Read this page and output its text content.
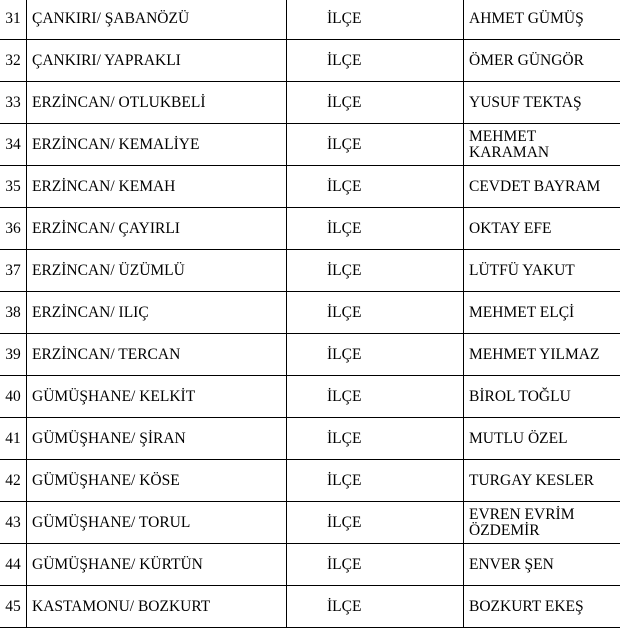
31	ÇANKIRI/ ŞABANÖZÜ	İLÇE	AHMET GÜMÜŞ

32	ÇANKIRI/ YAPRAKLI	İLÇE	ÖMER GÜNGÖR

33	ERZİNCAN/ OTLUKBELİ	İLÇE	YUSUF TEKTAŞ

34	ERZİNCAN/ KEMALİYE	İLÇE	MEHMET KARAMAN

35	ERZİNCAN/ KEMAH	İLÇE	CEVDET BAYRAM

36	ERZİNCAN/ ÇAYIRLI	İLÇE	OKTAY EFE

37	ERZİNCAN/ ÜZÜMLÜ	İLÇE	LÜTFÜ YAKUT

38	ERZİNCAN/ ILIÇ	İLÇE	MEHMET ELÇİ

39	ERZİNCAN/ TERCAN	İLÇE	MEHMET YILMAZ

40	GÜMÜŞHANE/ KELKİT	İLÇE	BİROL TOĞLU

41	GÜMÜŞHANE/ ŞİRAN	İLÇE	MUTLU ÖZEL

42	GÜMÜŞHANE/ KÖSE	İLÇE	TURGAY KESLER

43	GÜMÜŞHANE/ TORUL	İLÇE	EVREN EVRİM ÖZDEMİR

44	GÜMÜŞHANE/ KÜRTÜN	İLÇE	ENVER ŞEN

45	KASTAMONU/ BOZKURT	İLÇE	BOZKURT EKEŞ
